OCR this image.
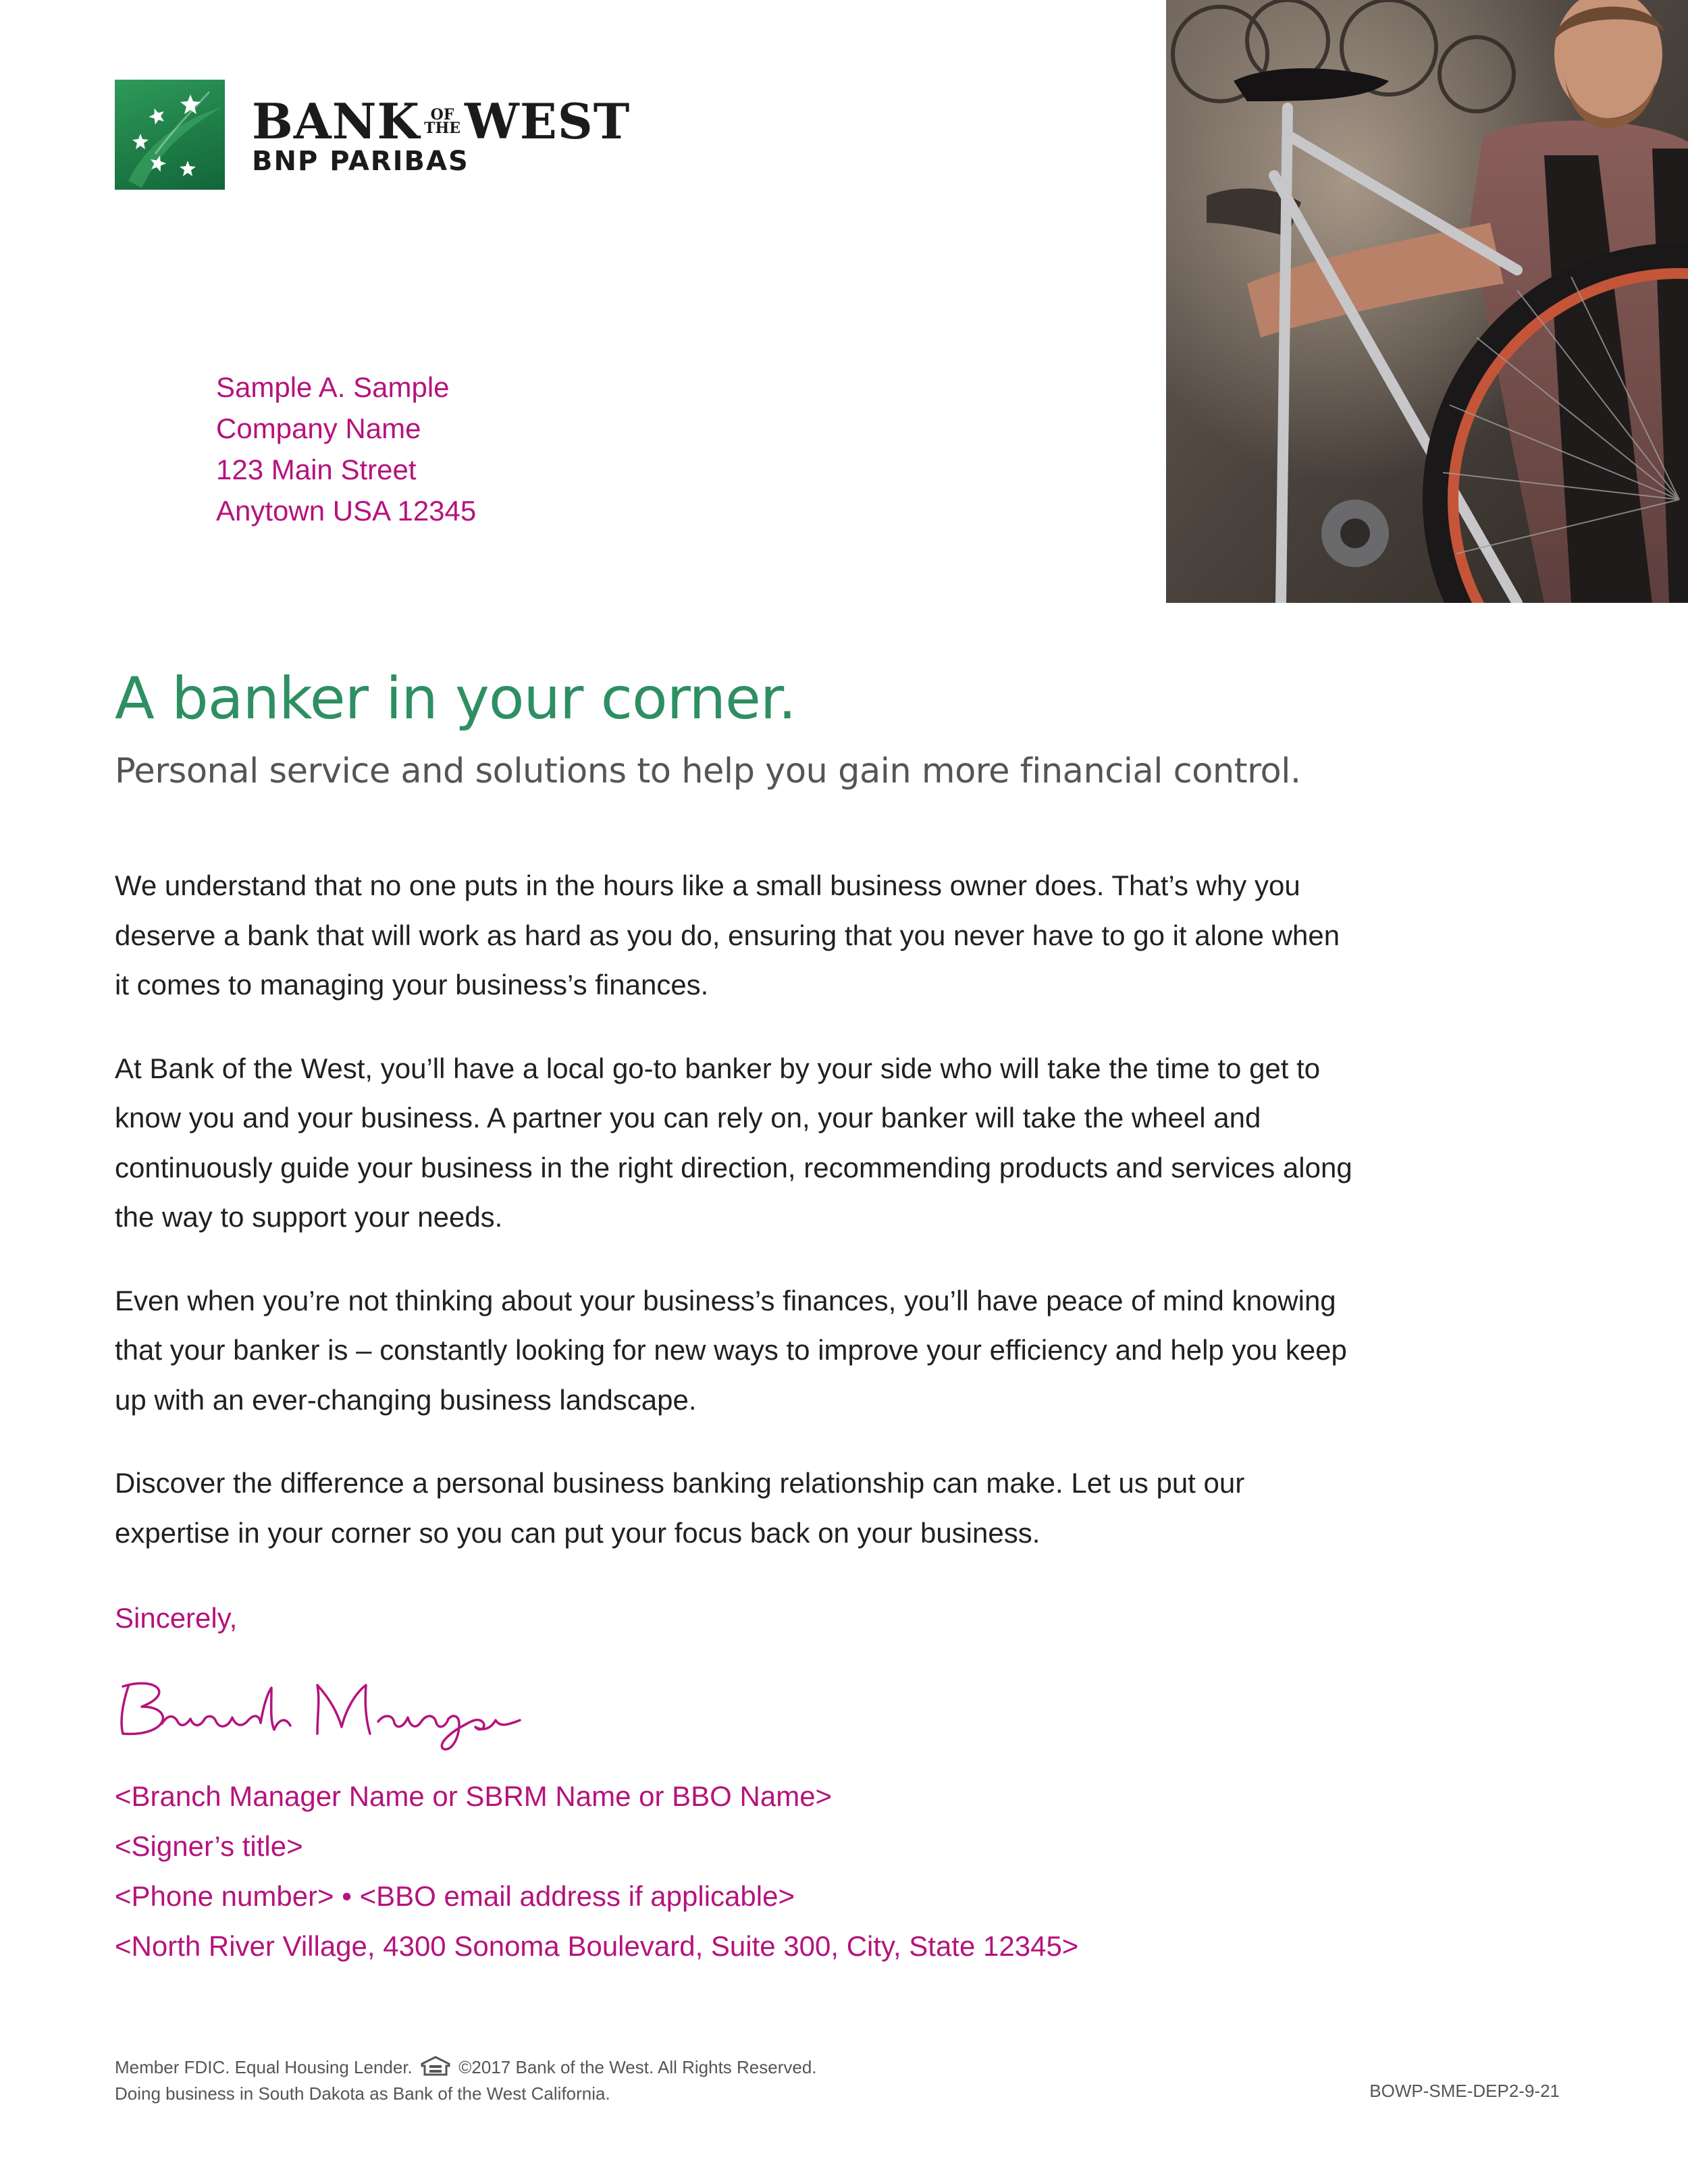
BANK OF
THE WEST
BNP PARIBAS
Sample A. Sample
Company Name
123 Main Street
Anytown USA 12345
A banker in your corner.
Personal service and solutions to help you gain more financial control.

We understand that no one puts in the hours like a small business owner does. That’s why you deserve a bank that will work as hard as you do, ensuring that you never have to go it alone when it comes to managing your business’s finances.

At Bank of the West, you’ll have a local go-to banker by your side who will take the time to get to know you and your business. A partner you can rely on, your banker will take the wheel and continuously guide your business in the right direction, recommending products and services along the way to support your needs.

Even when you’re not thinking about your business’s finances, you’ll have peace of mind knowing that your banker is – constantly looking for new ways to improve your efficiency and help you keep up with an ever-changing business landscape.

Discover the difference a personal business banking relationship can make. Let us put our expertise in your corner so you can put your focus back on your business.

Sincerely,
<Branch Manager Name or SBRM Name or BBO Name>
<Signer’s title>
<Phone number> • <BBO email address if applicable>
<North River Village, 4300 Sonoma Boulevard, Suite 300, City, State 12345>
Member FDIC. Equal Housing Lender.	©2017 Bank of the West. All Rights Reserved.
Doing business in South Dakota as Bank of the West California.	BOWP-SME-DEP2-9-21
